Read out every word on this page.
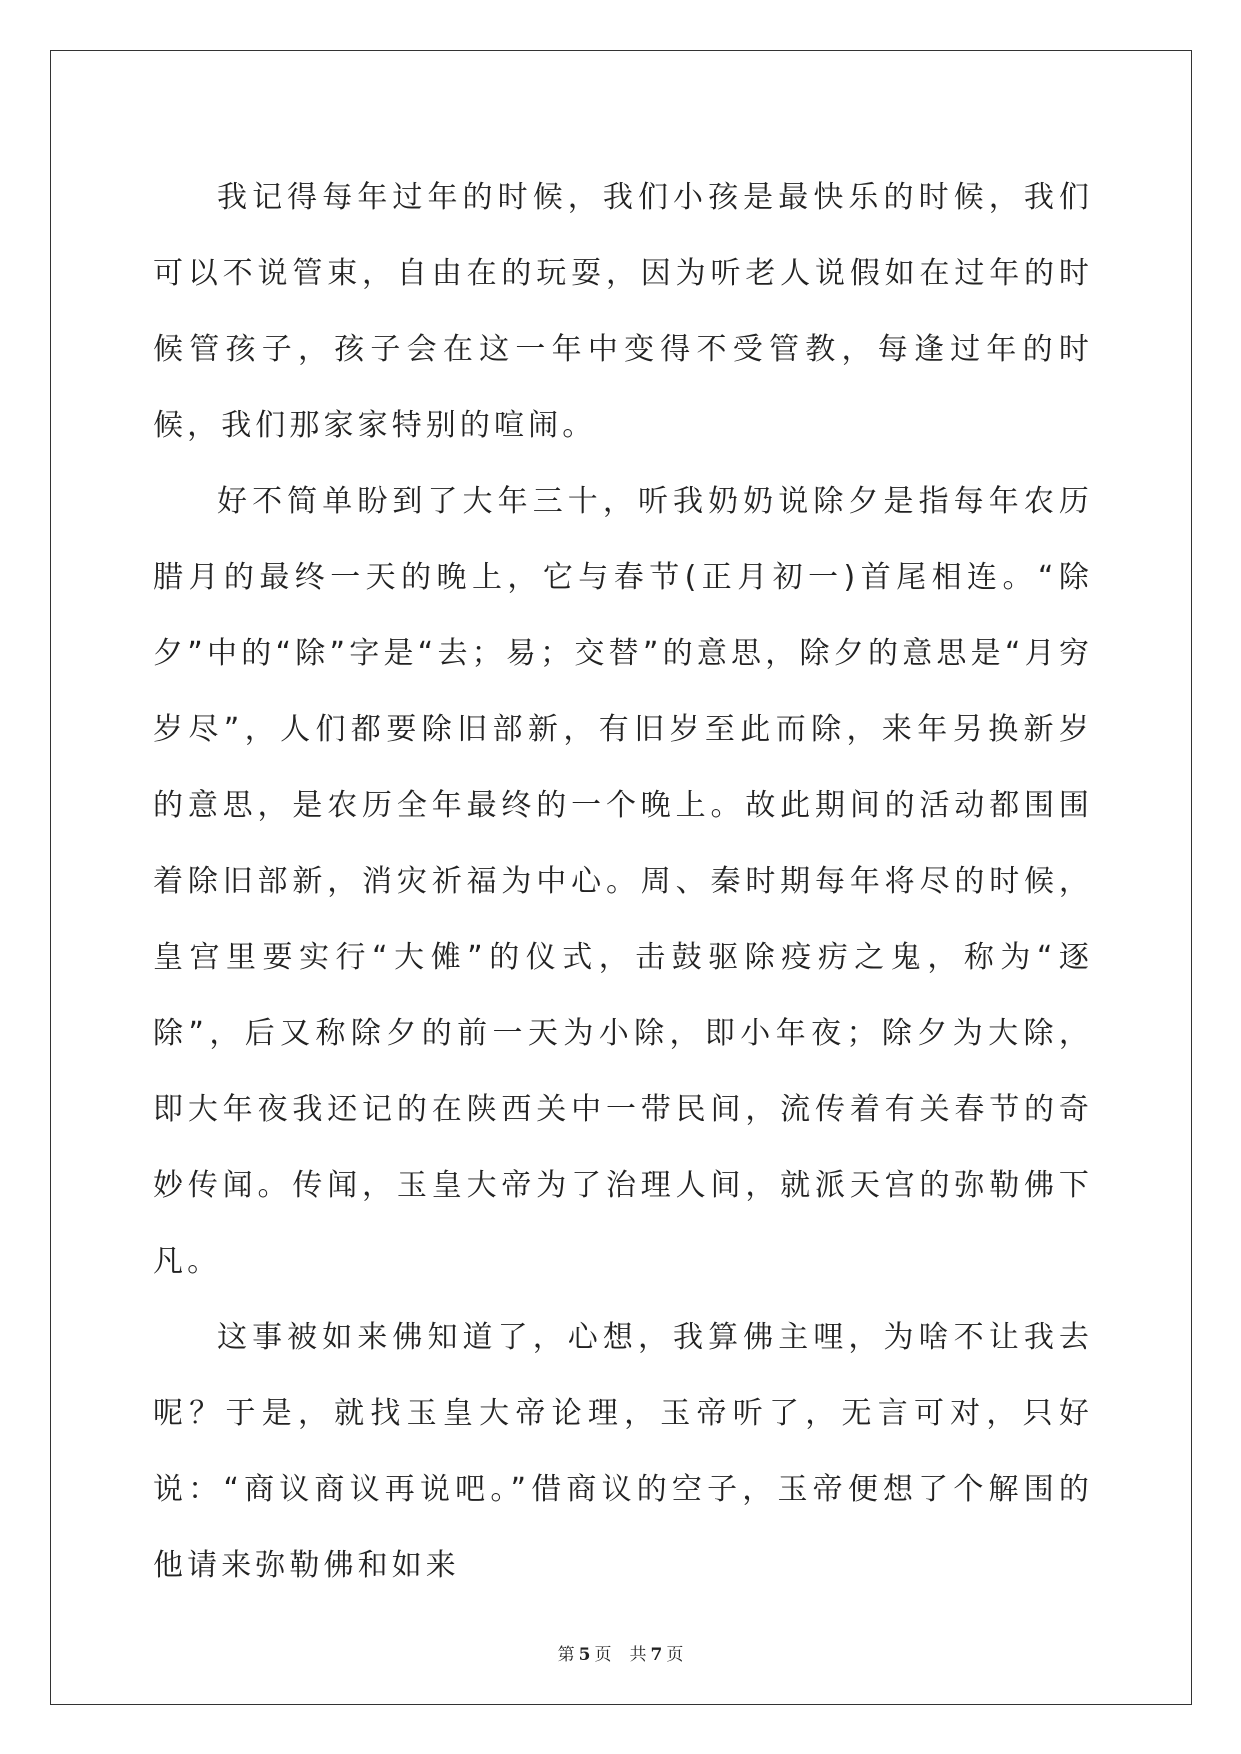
我记得每年过年的时候，我们小孩是最快乐的时候，我们可以不说管束，自由在的玩耍，因为听老人说假如在过年的时候管孩子，孩子会在这一年中变得不受管教，每逢过年的时候，我们那家家特别的喧闹。

好不简单盼到了大年三十，听我奶奶说除夕是指每年农历腊月的最终一天的晚上，它与春节(正月初一)首尾相连。“除夕”中的“除”字是“去；易；交替”的意思，除夕的意思是“月穷岁尽”，人们都要除旧部新，有旧岁至此而除，来年另换新岁的意思，是农历全年最终的一个晚上。故此期间的活动都围围着除旧部新，消灾祈福为中心。周、秦时期每年将尽的时候，皇宫里要实行“大傩”的仪式，击鼓驱除疫疠之鬼，称为“逐除”，后又称除夕的前一天为小除，即小年夜；除夕为大除，即大年夜我还记的在陕西关中一带民间，流传着有关春节的奇妙传闻。传闻，玉皇大帝为了治理人间，就派天宫的弥勒佛下凡。

这事被如来佛知道了，心想，我算佛主哩，为啥不让我去呢？于是，就找玉皇大帝论理，玉帝听了，无言可对，只好说：“商议商议再说吧。”借商议的空子，玉帝便想了个解围的他请来弥勒佛和如来

第 5 页 共 7 页
